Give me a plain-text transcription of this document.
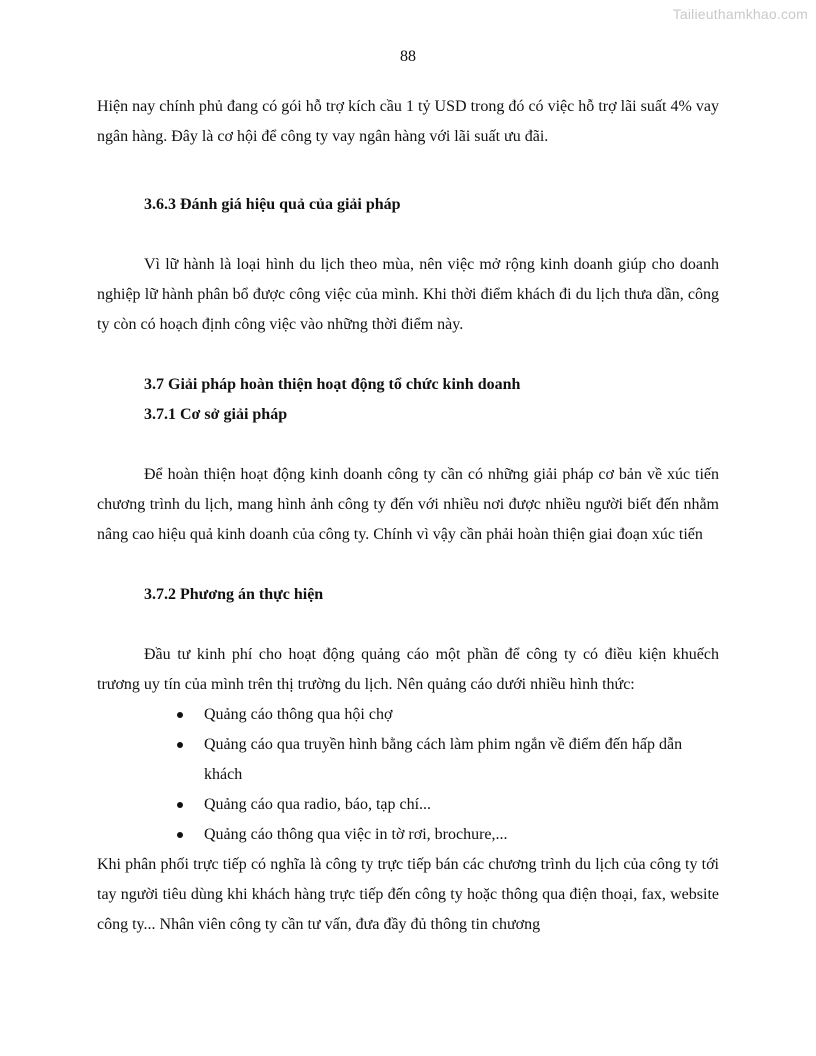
Tailieuthamkhao.com
88

Hiện nay chính phủ đang có gói hỗ trợ kích cầu 1 tỷ USD trong đó có việc hỗ trợ lãi suất 4% vay ngân hàng. Đây là cơ hội để công ty vay ngân hàng với lãi suất ưu đãi.

3.6.3 Đánh giá hiệu quả của giải pháp

Vì lữ hành là loại hình du lịch theo mùa, nên việc mở rộng kinh doanh giúp cho doanh nghiệp lữ hành phân bổ được công việc của mình. Khi thời điểm khách đi du lịch thưa dần, công ty còn có hoạch định công việc vào những thời điểm này.

3.7 Giải pháp hoàn thiện hoạt động tổ chức kinh doanh
3.7.1 Cơ sở giải pháp

Để hoàn thiện hoạt động kinh doanh công ty cần có những giải pháp cơ bản về xúc tiến chương trình du lịch, mang hình ảnh công ty đến với nhiều nơi được nhiều người biết đến nhằm nâng cao hiệu quả kinh doanh của công ty. Chính vì vậy cần phải hoàn thiện giai đoạn xúc tiến

3.7.2 Phương án thực hiện

Đầu tư kinh phí cho hoạt động quảng cáo một phần để công ty có điều kiện khuếch trương uy tín của mình trên thị trường du lịch. Nên quảng cáo dưới nhiều hình thức:

Quảng cáo thông qua hội chợ
Quảng cáo qua truyền hình bằng cách làm phim ngắn về điểm đến hấp dẫn khách
Quảng cáo qua radio, báo, tạp chí...
Quảng cáo thông qua việc in tờ rơi, brochure,...

Khi phân phối trực tiếp có nghĩa là công ty trực tiếp bán các chương trình du lịch của công ty tới tay người tiêu dùng khi khách hàng trực tiếp đến công ty hoặc thông qua điện thoại, fax, website công ty... Nhân viên công ty cần tư vấn, đưa đầy đủ thông tin chương
